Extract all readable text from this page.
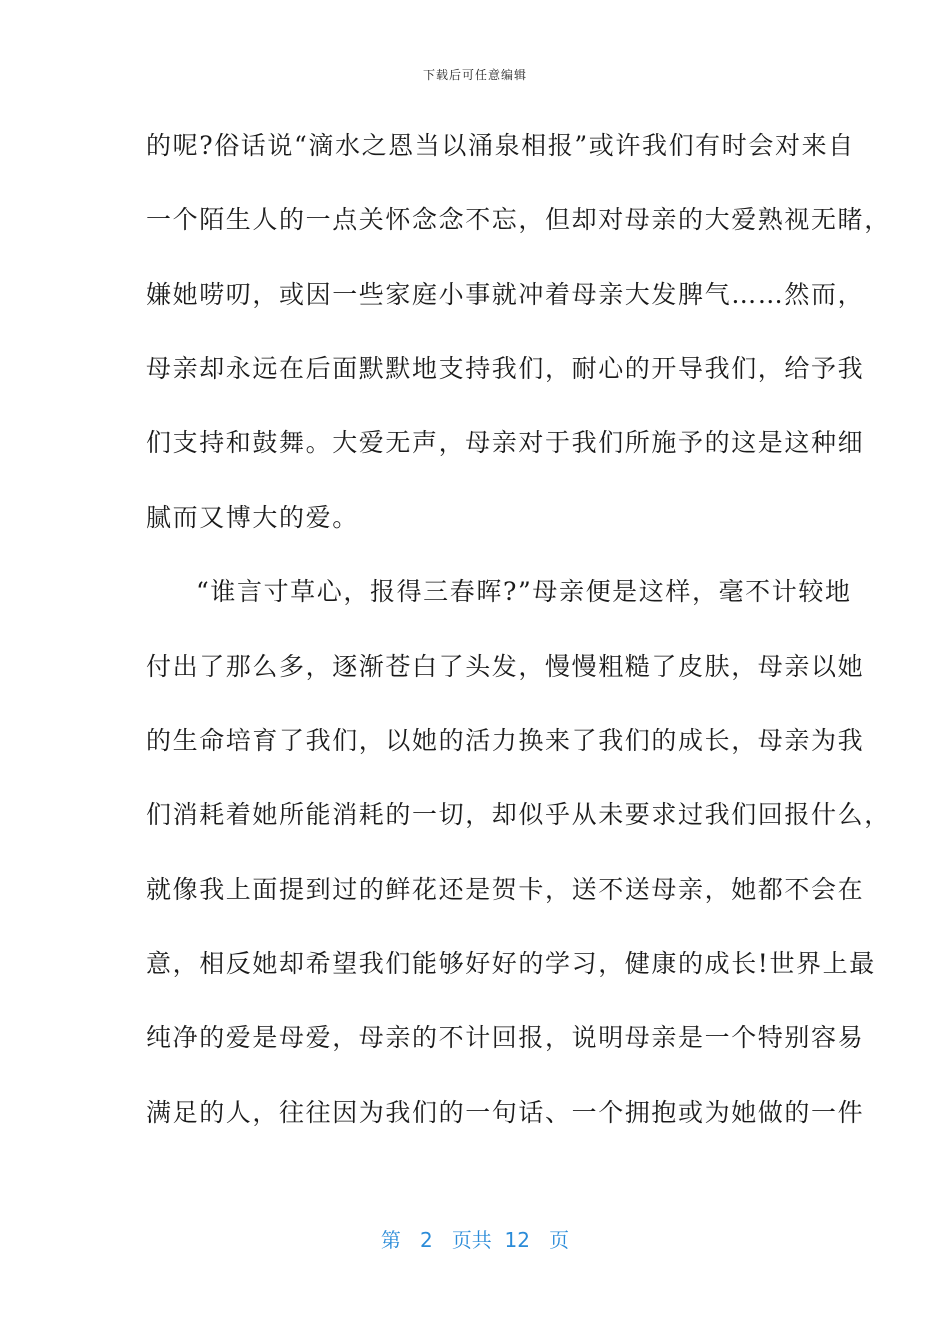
下载后可任意编辑
的呢?俗话说“滴水之恩当以涌泉相报”或许我们有时会对来自
一个陌生人的一点关怀念念不忘，但却对母亲的大爱熟视无睹，
嫌她唠叨，或因一些家庭小事就冲着母亲大发脾气……然而，
母亲却永远在后面默默地支持我们，耐心的开导我们，给予我
们支持和鼓舞。大爱无声，母亲对于我们所施予的这是这种细
腻而又博大的爱。
“谁言寸草心，报得三春晖?”母亲便是这样，毫不计较地
付出了那么多，逐渐苍白了头发，慢慢粗糙了皮肤，母亲以她
的生命培育了我们，以她的活力换来了我们的成长，母亲为我
们消耗着她所能消耗的一切，却似乎从未要求过我们回报什么，
就像我上面提到过的鲜花还是贺卡，送不送母亲，她都不会在
意，相反她却希望我们能够好好的学习，健康的成长!世界上最
纯净的爱是母爱，母亲的不计回报，说明母亲是一个特别容易
满足的人，往往因为我们的一句话、一个拥抱或为她做的一件
第 2 页共 12 页
